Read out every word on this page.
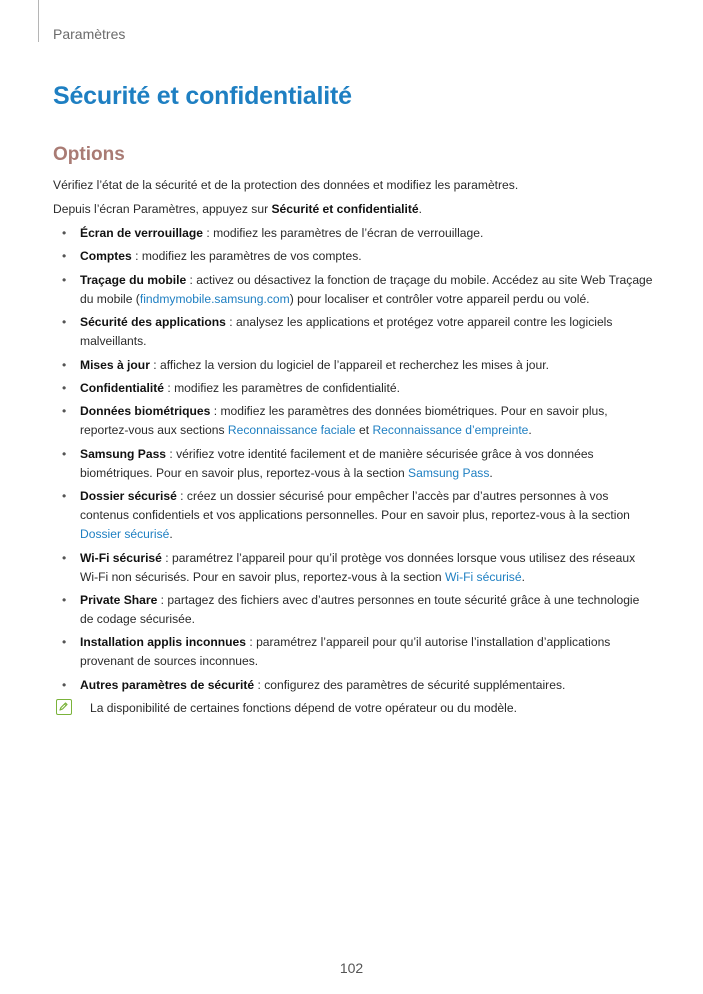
Paramètres
Sécurité et confidentialité
Options

Vérifiez l’état de la sécurité et de la protection des données et modifiez les paramètres.

Depuis l’écran Paramètres, appuyez sur Sécurité et confidentialité.

• Écran de verrouillage : modifiez les paramètres de l’écran de verrouillage.
• Comptes : modifiez les paramètres de vos comptes.
• Traçage du mobile : activez ou désactivez la fonction de traçage du mobile. Accédez au site Web Traçage du mobile (findmymobile.samsung.com) pour localiser et contrôler votre appareil perdu ou volé.
• Sécurité des applications : analysez les applications et protégez votre appareil contre les logiciels malveillants.
• Mises à jour : affichez la version du logiciel de l’appareil et recherchez les mises à jour.
• Confidentialité : modifiez les paramètres de confidentialité.
• Données biométriques : modifiez les paramètres des données biométriques. Pour en savoir plus, reportez-vous aux sections Reconnaissance faciale et Reconnaissance d’empreinte.
• Samsung Pass : vérifiez votre identité facilement et de manière sécurisée grâce à vos données biométriques. Pour en savoir plus, reportez-vous à la section Samsung Pass.
• Dossier sécurisé : créez un dossier sécurisé pour empêcher l’accès par d’autres personnes à vos contenus confidentiels et vos applications personnelles. Pour en savoir plus, reportez-vous à la section Dossier sécurisé.
• Wi-Fi sécurisé : paramétrez l’appareil pour qu’il protège vos données lorsque vous utilisez des réseaux Wi-Fi non sécurisés. Pour en savoir plus, reportez-vous à la section Wi-Fi sécurisé.
• Private Share : partagez des fichiers avec d’autres personnes en toute sécurité grâce à une technologie de codage sécurisée.
• Installation applis inconnues : paramétrez l’appareil pour qu’il autorise l’installation d’applications provenant de sources inconnues.
• Autres paramètres de sécurité : configurez des paramètres de sécurité supplémentaires.
La disponibilité de certaines fonctions dépend de votre opérateur ou du modèle.
102
